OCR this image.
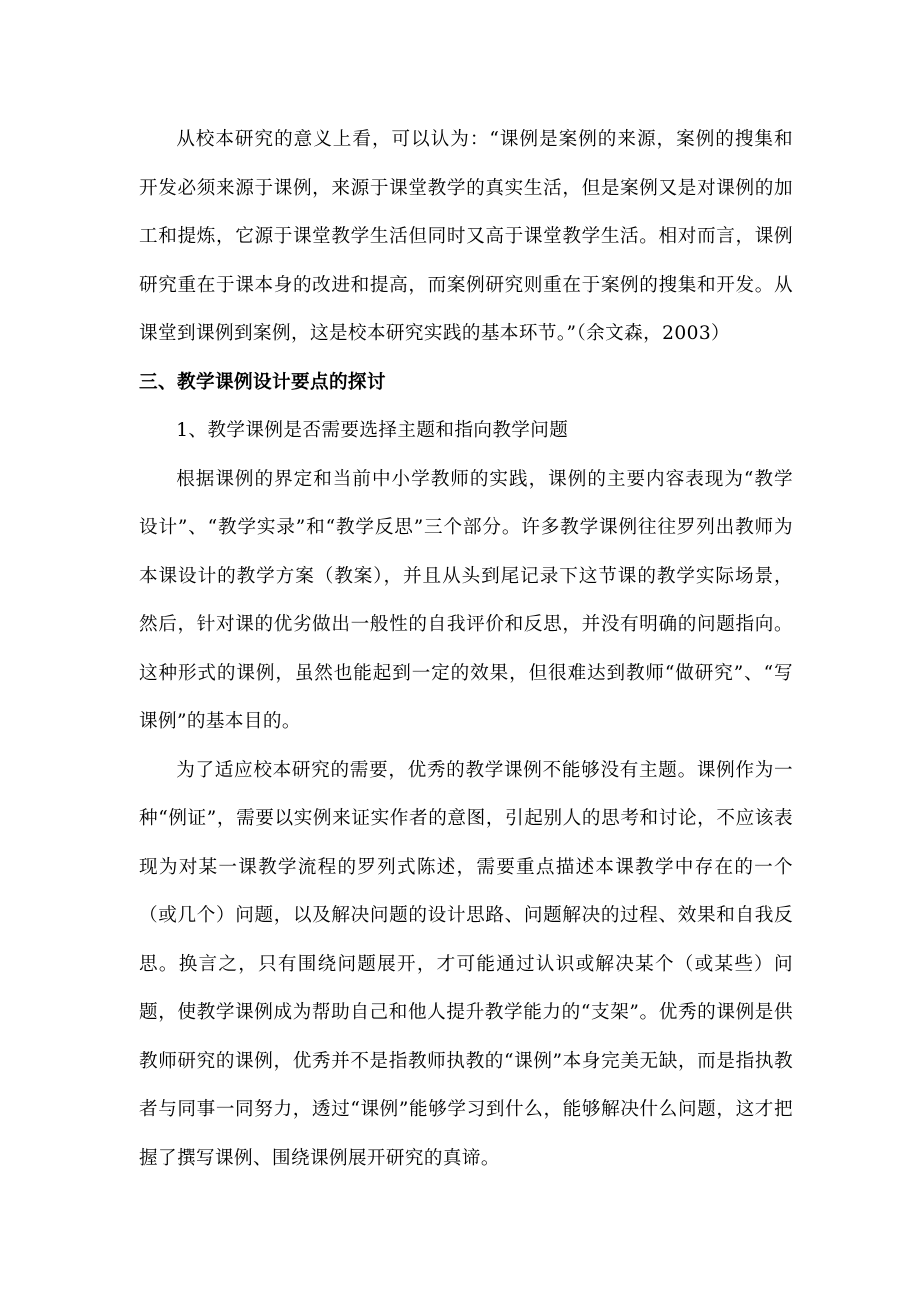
从校本研究的意义上看，可以认为：“课例是案例的来源，案例的搜集和开发必须来源于课例，来源于课堂教学的真实生活，但是案例又是对课例的加工和提炼，它源于课堂教学生活但同时又高于课堂教学生活。相对而言，课例研究重在于课本身的改进和提高，而案例研究则重在于案例的搜集和开发。从课堂到课例到案例，这是校本研究实践的基本环节。”（余文森，2003）

三、教学课例设计要点的探讨

1、教学课例是否需要选择主题和指向教学问题

根据课例的界定和当前中小学教师的实践，课例的主要内容表现为“教学设计”、“教学实录”和“教学反思”三个部分。许多教学课例往往罗列出教师为本课设计的教学方案（教案），并且从头到尾记录下这节课的教学实际场景，然后，针对课的优劣做出一般性的自我评价和反思，并没有明确的问题指向。这种形式的课例，虽然也能起到一定的效果，但很难达到教师“做研究”、“写课例”的基本目的。

为了适应校本研究的需要，优秀的教学课例不能够没有主题。课例作为一种“例证”，需要以实例来证实作者的意图，引起别人的思考和讨论，不应该表现为对某一课教学流程的罗列式陈述，需要重点描述本课教学中存在的一个（或几个）问题，以及解决问题的设计思路、问题解决的过程、效果和自我反思。换言之，只有围绕问题展开，才可能通过认识或解决某个（或某些）问题，使教学课例成为帮助自己和他人提升教学能力的“支架”。优秀的课例是供教师研究的课例，优秀并不是指教师执教的“课例”本身完美无缺，而是指执教者与同事一同努力，透过“课例”能够学习到什么，能够解决什么问题，这才把握了撰写课例、围绕课例展开研究的真谛。
